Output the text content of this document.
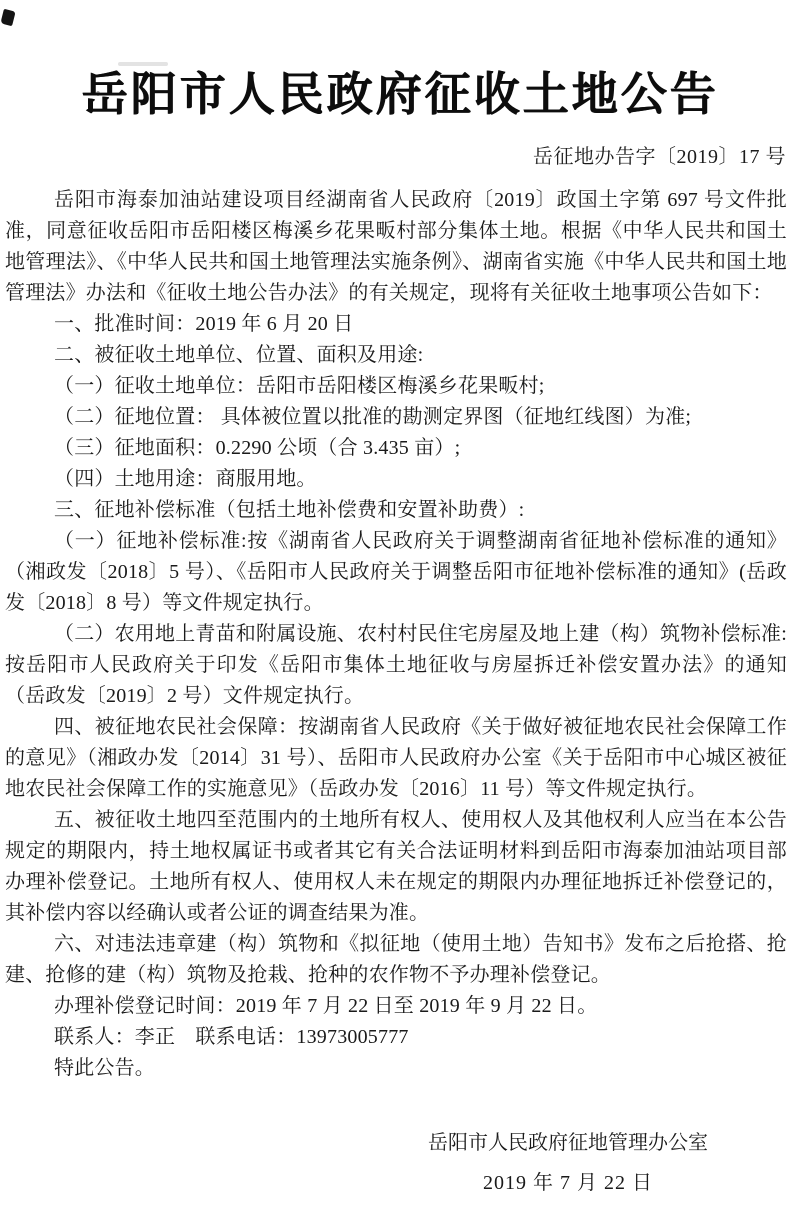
岳阳市人民政府征收土地公告
岳征地办告字〔2019〕17 号

岳阳市海泰加油站建设项目经湖南省人民政府〔2019〕政国土字第 697 号文件批准，同意征收岳阳市岳阳楼区梅溪乡花果畈村部分集体土地。根据《中华人民共和国土地管理法》、《中华人民共和国土地管理法实施条例》、湖南省实施《中华人民共和国土地管理法》办法和《征收土地公告办法》的有关规定，现将有关征收土地事项公告如下：

一、批准时间：2019 年 6 月 20 日

二、被征收土地单位、位置、面积及用途:

（一）征收土地单位：岳阳市岳阳楼区梅溪乡花果畈村;

（二）征地位置： 具体被位置以批准的勘测定界图（征地红线图）为准;

（三）征地面积：0.2290 公顷（合 3.435 亩）;

（四）土地用途：商服用地。

三、征地补偿标准（包括土地补偿费和安置补助费）:

（一）征地补偿标准:按《湖南省人民政府关于调整湖南省征地补偿标准的通知》（湘政发〔2018〕5 号）、《岳阳市人民政府关于调整岳阳市征地补偿标准的通知》(岳政发〔2018〕8 号）等文件规定执行。

（二）农用地上青苗和附属设施、农村村民住宅房屋及地上建（构）筑物补偿标准:按岳阳市人民政府关于印发《岳阳市集体土地征收与房屋拆迁补偿安置办法》的通知（岳政发〔2019〕2 号）文件规定执行。

四、被征地农民社会保障：按湖南省人民政府《关于做好被征地农民社会保障工作的意见》（湘政办发〔2014〕31 号）、岳阳市人民政府办公室《关于岳阳市中心城区被征地农民社会保障工作的实施意见》（岳政办发〔2016〕11 号）等文件规定执行。

五、被征收土地四至范围内的土地所有权人、使用权人及其他权利人应当在本公告规定的期限内，持土地权属证书或者其它有关合法证明材料到岳阳市海泰加油站项目部办理补偿登记。土地所有权人、使用权人未在规定的期限内办理征地拆迁补偿登记的，其补偿内容以经确认或者公证的调查结果为准。

六、对违法违章建（构）筑物和《拟征地（使用土地）告知书》发布之后抢搭、抢建、抢修的建（构）筑物及抢栽、抢种的农作物不予办理补偿登记。

办理补偿登记时间：2019 年 7 月 22 日至 2019 年 9 月 22 日。

联系人：李正　联系电话：13973005777

特此公告。

岳阳市人民政府征地管理办公室
2019 年 7 月 22 日
